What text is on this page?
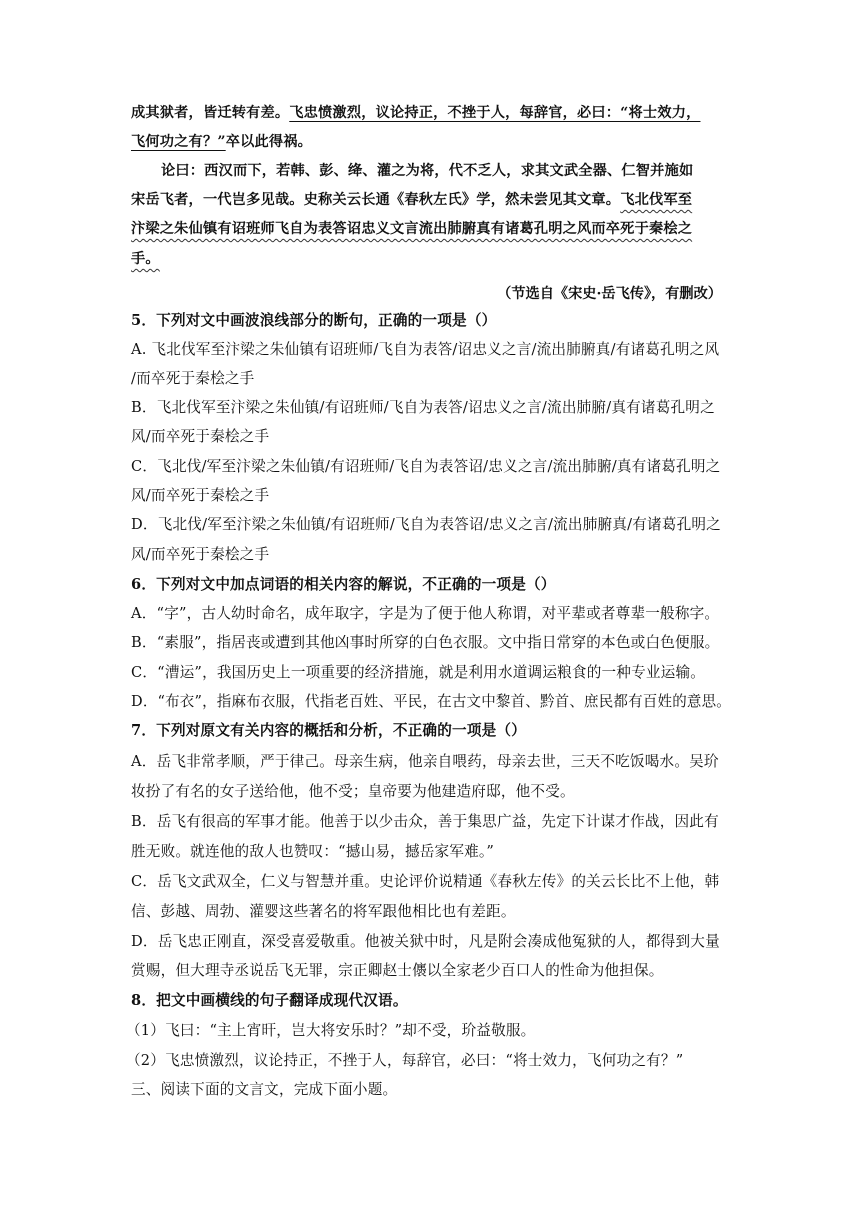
成其狱者，皆迁转有差。飞忠愤激烈，议论持正，不挫于人，每辞官，必曰：“将士效力，
飞何功之有？”卒以此得祸。
论曰：西汉而下，若韩、彭、绛、灌之为将，代不乏人，求其文武全器、仁智并施如
宋岳飞者，一代岂多见哉。史称关云长通《春秋左氏》学，然未尝见其文章。飞北伐军至
汴梁之朱仙镇有诏班师飞自为表答诏忠义文言流出肺腑真有诸葛孔明之风而卒死于秦桧之
手。
（节选自《宋史·岳飞传》，有删改）
5．下列对文中画波浪线部分的断句，正确的一项是（）
A. 飞北伐军至汴梁之朱仙镇有诏班师/飞自为表答/诏忠义之言/流出肺腑真/有诸葛孔明之风
/而卒死于秦桧之手
B．飞北伐军至汴梁之朱仙镇/有诏班师/飞自为表答/诏忠义之言/流出肺腑/真有诸葛孔明之
风/而卒死于秦桧之手
C．飞北伐/军至汴梁之朱仙镇/有诏班师/飞自为表答诏/忠义之言/流出肺腑/真有诸葛孔明之
风/而卒死于秦桧之手
D．飞北伐/军至汴梁之朱仙镇/有诏班师/飞自为表答诏/忠义之言/流出肺腑真/有诸葛孔明之
风/而卒死于秦桧之手
6．下列对文中加点词语的相关内容的解说，不正确的一项是（）
A．“字”，古人幼时命名，成年取字，字是为了便于他人称谓，对平辈或者尊辈一般称字。
B．“素服”，指居丧或遭到其他凶事时所穿的白色衣服。文中指日常穿的本色或白色便服。
C．“漕运”，我国历史上一项重要的经济措施，就是利用水道调运粮食的一种专业运输。
D．“布衣”，指麻布衣服，代指老百姓、平民，在古文中黎首、黔首、庶民都有百姓的意思。
7．下列对原文有关内容的概括和分析，不正确的一项是（）
A．岳飞非常孝顺，严于律己。母亲生病，他亲自喂药，母亲去世，三天不吃饭喝水。吴玠
妆扮了有名的女子送给他，他不受；皇帝要为他建造府邸，他不受。
B．岳飞有很高的军事才能。他善于以少击众，善于集思广益，先定下计谋才作战，因此有
胜无败。就连他的敌人也赞叹：“撼山易，撼岳家军难。”
C．岳飞文武双全，仁义与智慧并重。史论评价说精通《春秋左传》的关云长比不上他，韩
信、彭越、周勃、灌婴这些著名的将军跟他相比也有差距。
D．岳飞忠正刚直，深受喜爱敬重。他被关狱中时，凡是附会凑成他冤狱的人，都得到大量
赏赐，但大理寺丞说岳飞无罪，宗正卿赵士㒟以全家老少百口人的性命为他担保。
8．把文中画横线的句子翻译成现代汉语。
（1）飞曰：“主上宵旰，岂大将安乐时？”却不受，玠益敬服。
（2）飞忠愤激烈，议论持正，不挫于人，每辞官，必曰：“将士效力，飞何功之有？”
三、阅读下面的文言文，完成下面小题。
